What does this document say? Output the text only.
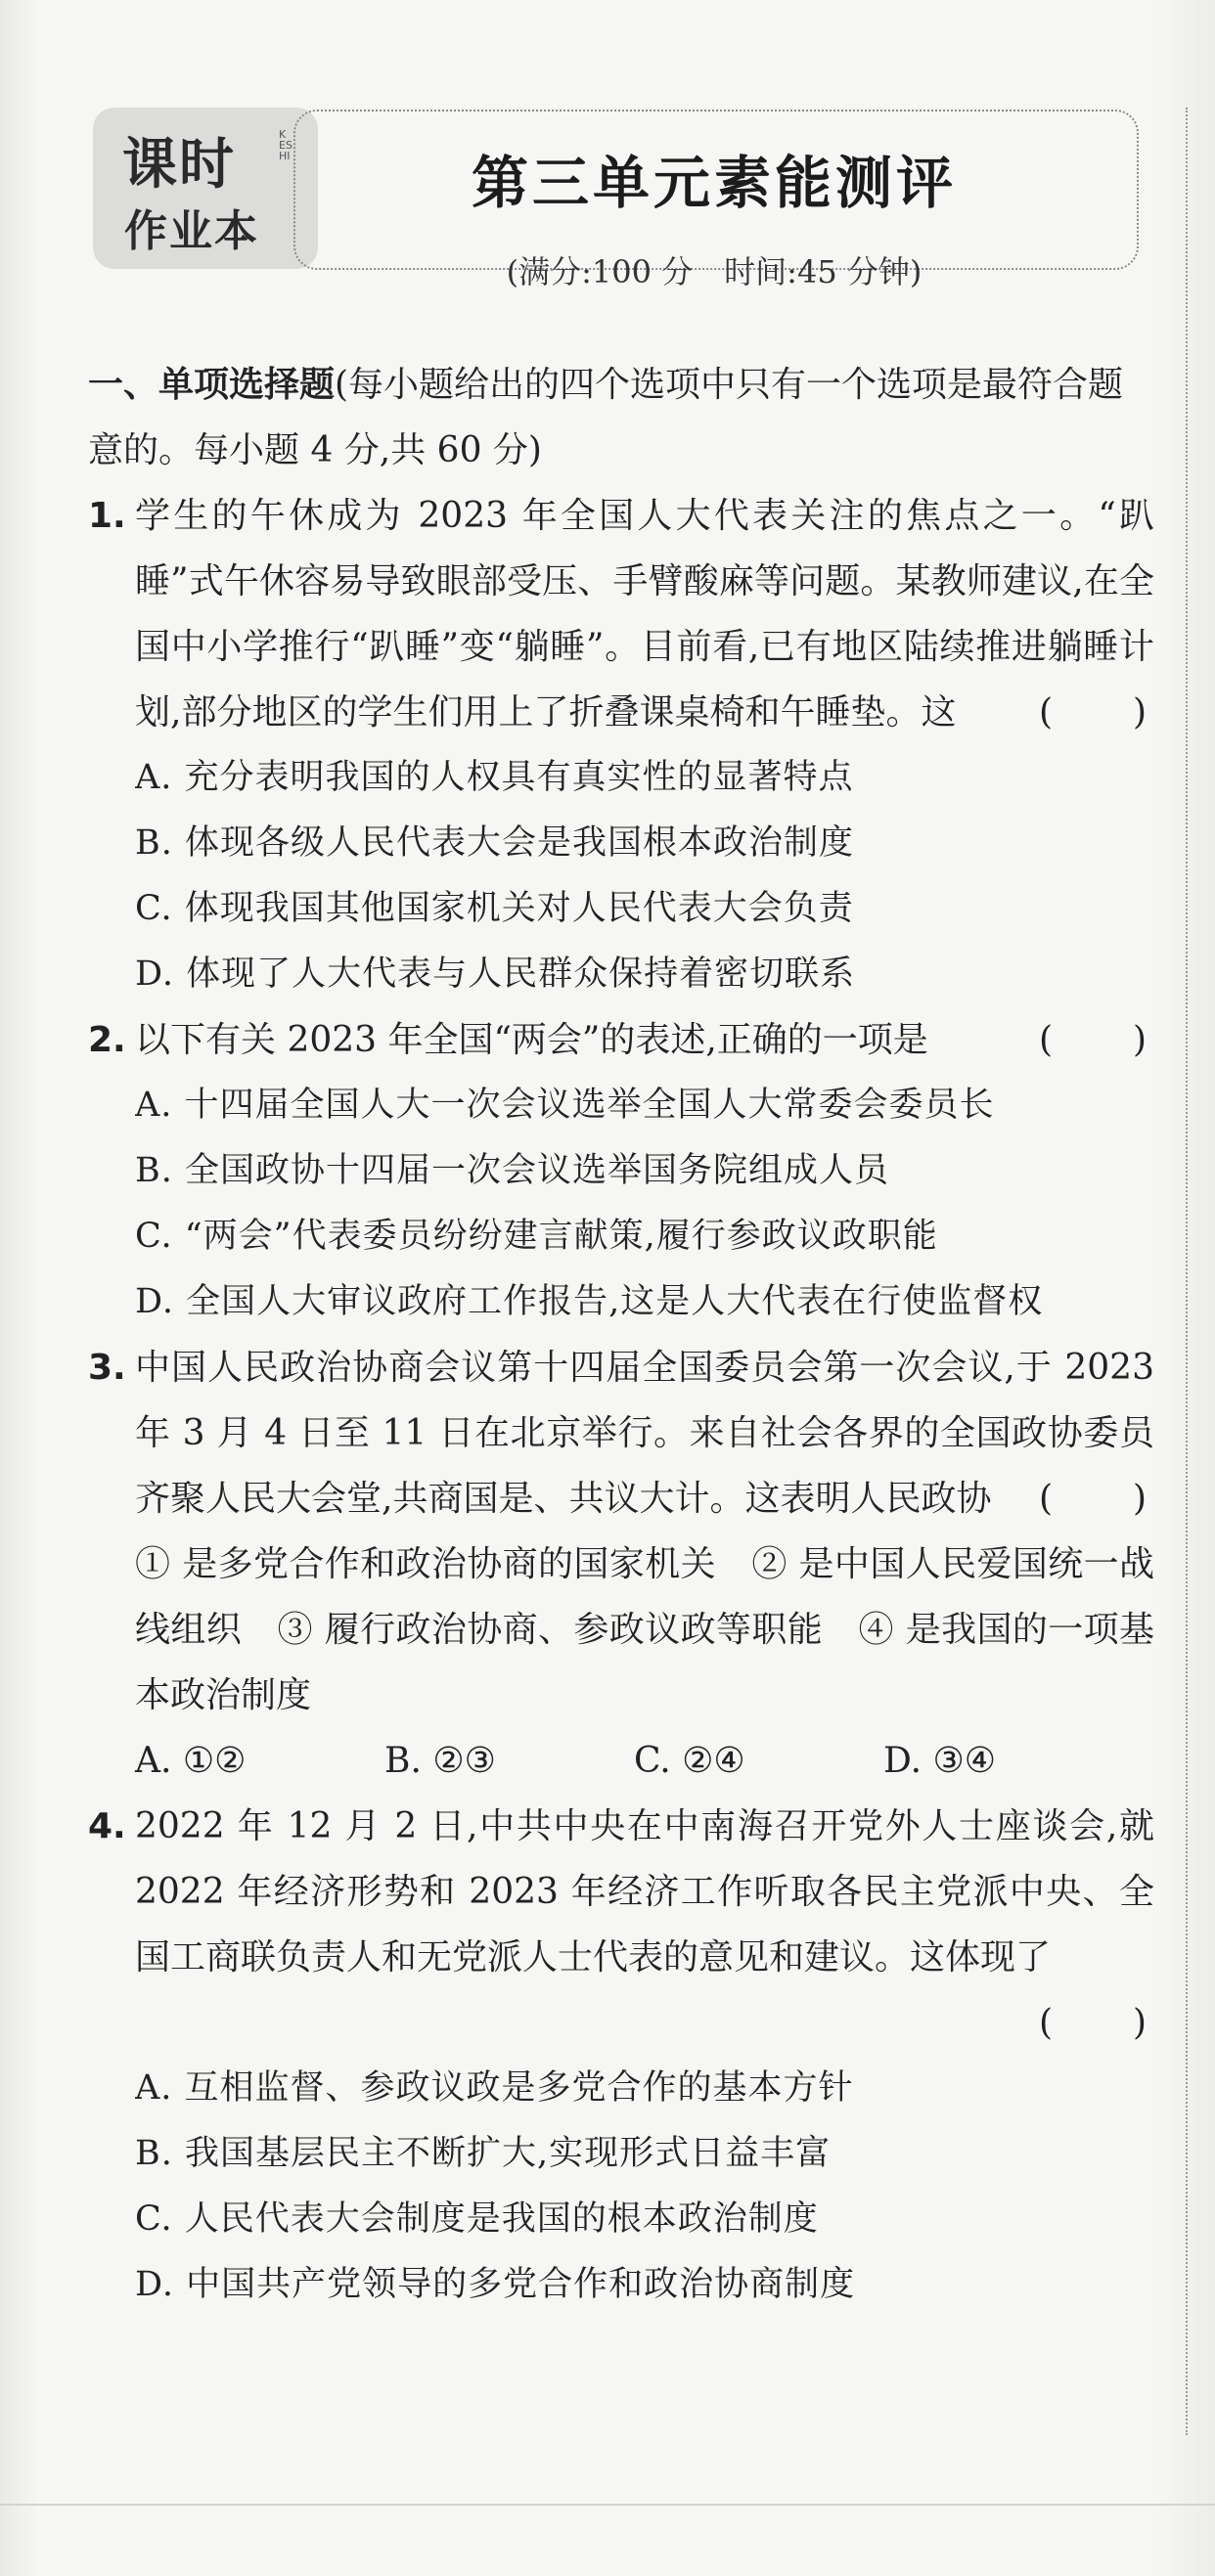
课时	KESHI
作业本
第三单元素能测评
(满分:100 分　时间:45 分钟)
一、单项选择题(每小题给出的四个选项中只有一个选项是最符合题意的。每小题 4 分,共 60 分)
1. 学生的午休成为 2023 年全国人大代表关注的焦点之一。“趴睡”式午休容易导致眼部受压、手臂酸麻等问题。某教师建议,在全国中小学推行“趴睡”变“躺睡”。目前看,已有地区陆续推进躺睡计划,部分地区的学生们用上了折叠课桌椅和午睡垫。这 (　　)
A. 充分表明我国的人权具有真实性的显著特点
B. 体现各级人民代表大会是我国根本政治制度
C. 体现我国其他国家机关对人民代表大会负责
D. 体现了人大代表与人民群众保持着密切联系
2. 以下有关 2023 年全国“两会”的表述,正确的一项是	(　　)
A. 十四届全国人大一次会议选举全国人大常委会委员长
B. 全国政协十四届一次会议选举国务院组成人员
C. “两会”代表委员纷纷建言献策,履行参政议政职能
D. 全国人大审议政府工作报告,这是人大代表在行使监督权
3. 中国人民政治协商会议第十四届全国委员会第一次会议,于 2023 年 3 月 4 日至 11 日在北京举行。来自社会各界的全国政协委员齐聚人民大会堂,共商国是、共议大计。这表明人民政协 (　　)
① 是多党合作和政治协商的国家机关　② 是中国人民爱国统一战线组织　③ 履行政治协商、参政议政等职能　④ 是我国的一项基本政治制度
A. ①②	B. ②③	C. ②④	D. ③④
4. 2022 年 12 月 2 日,中共中央在中南海召开党外人士座谈会,就 2022 年经济形势和 2023 年经济工作听取各民主党派中央、全国工商联负责人和无党派人士代表的意见和建议。这体现了
(　　)
A. 互相监督、参政议政是多党合作的基本方针
B. 我国基层民主不断扩大,实现形式日益丰富
C. 人民代表大会制度是我国的根本政治制度
D. 中国共产党领导的多党合作和政治协商制度
